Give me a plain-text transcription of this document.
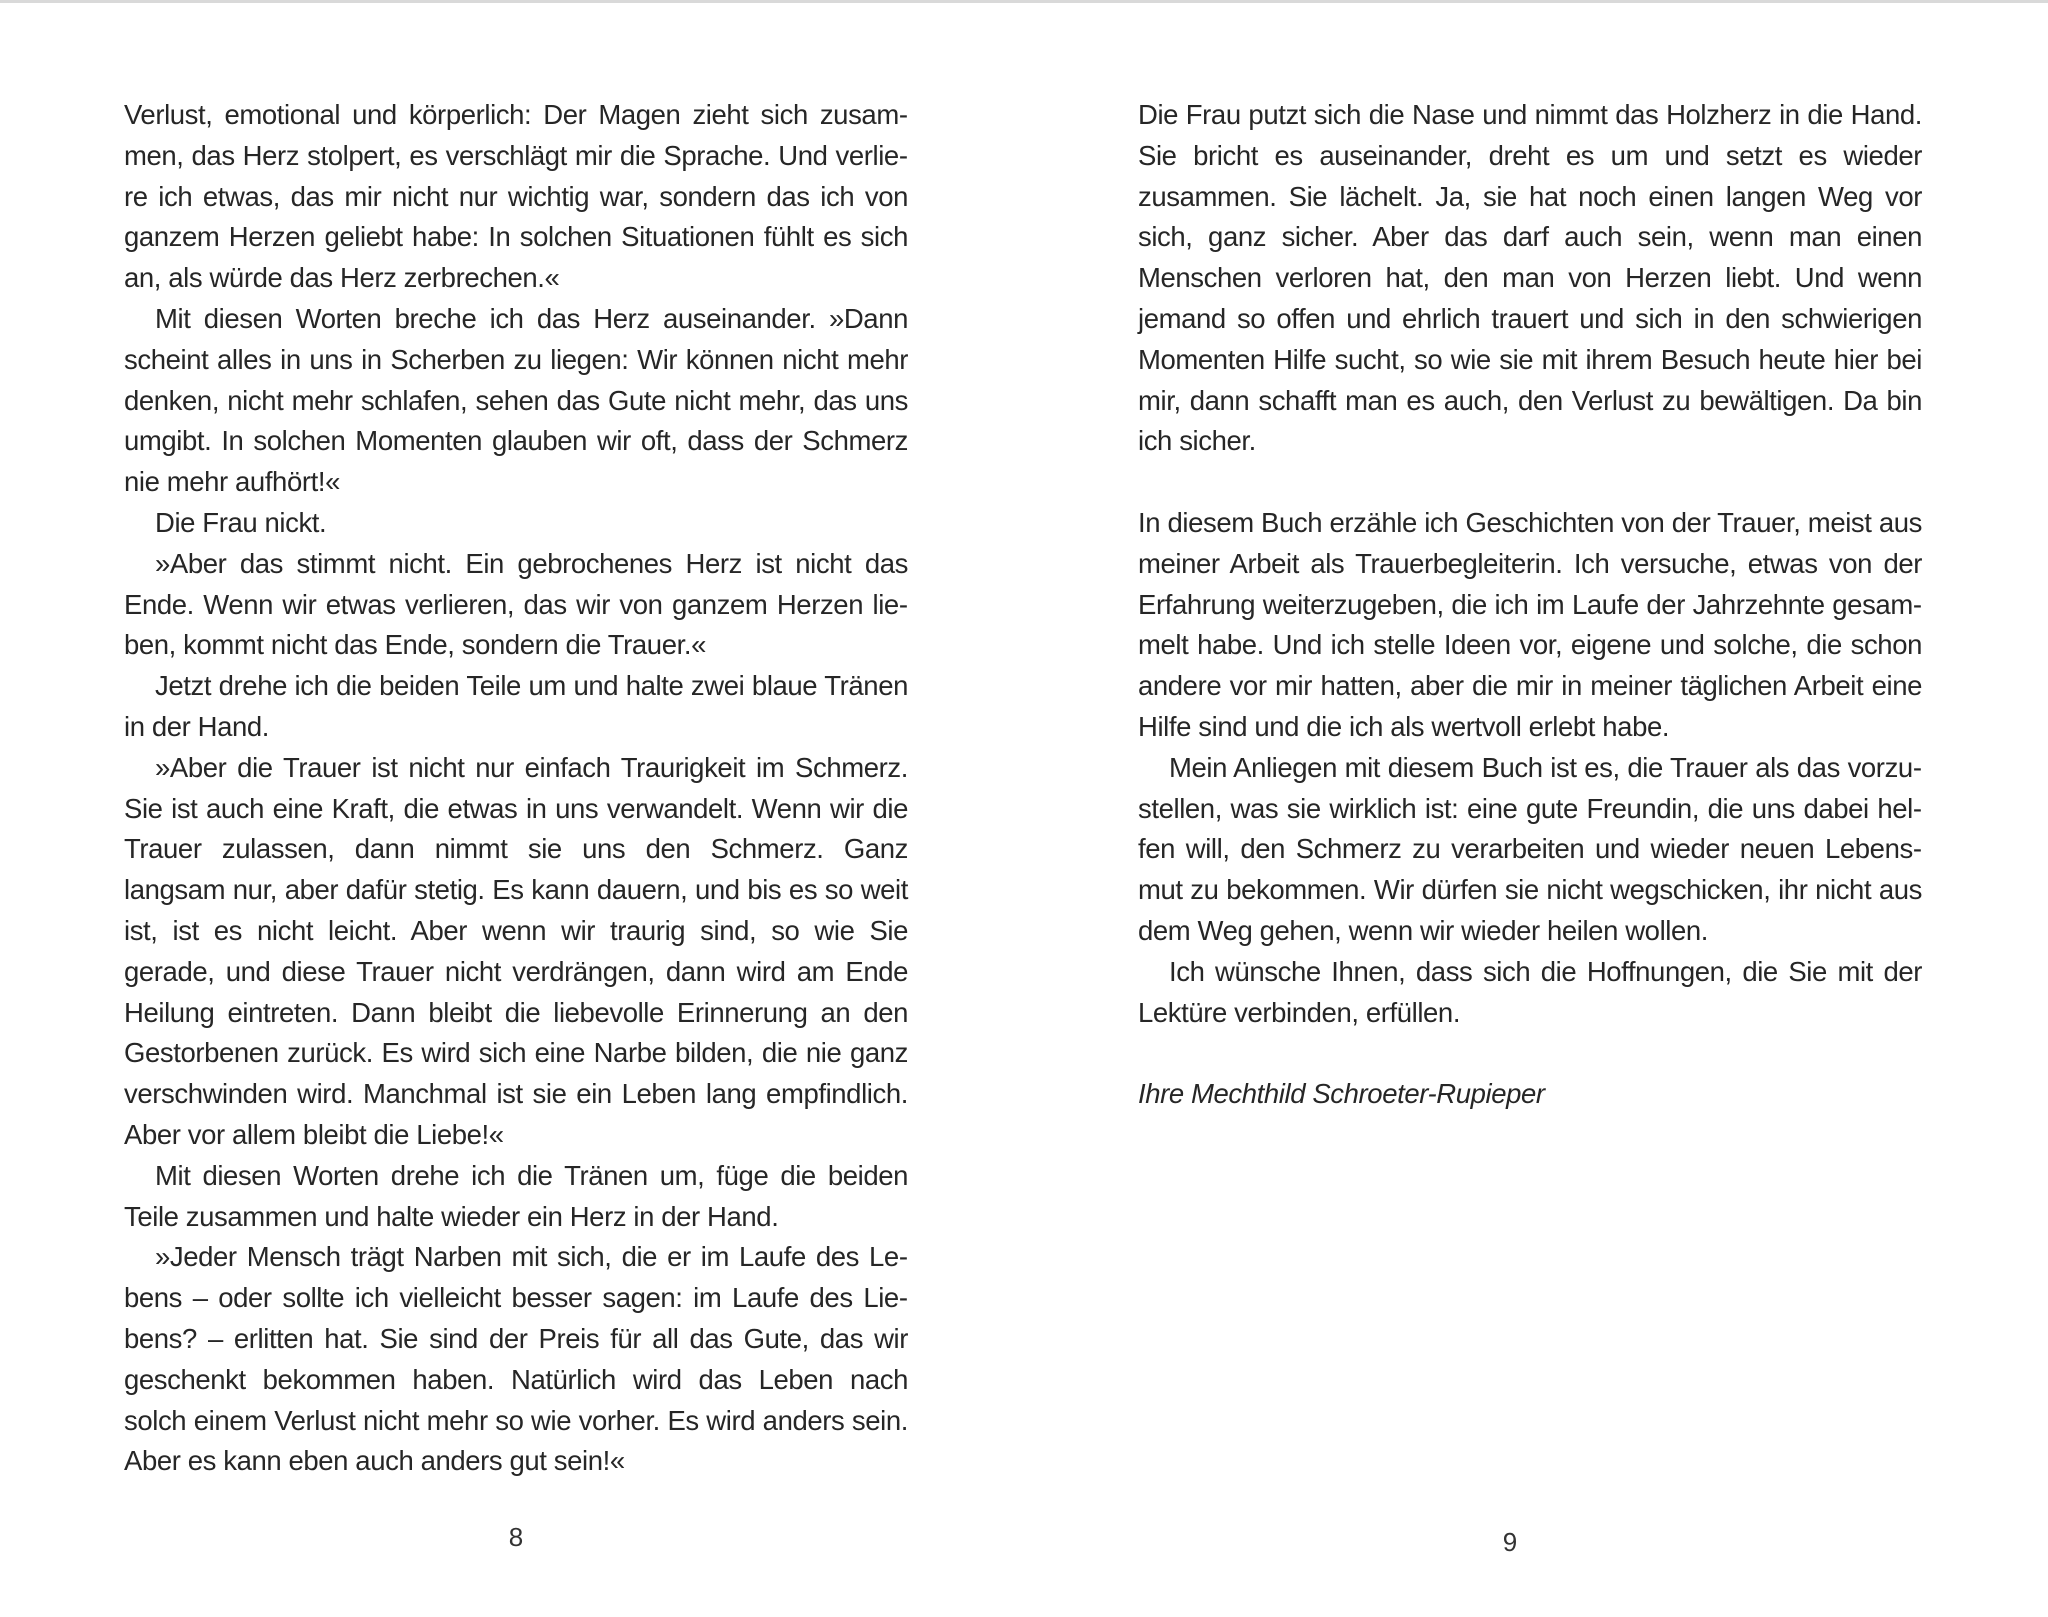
Verlust, emotional und körperlich: Der Magen zieht sich zusammen, das Herz stolpert, es verschlägt mir die Sprache. Und verliere ich etwas, das mir nicht nur wichtig war, sondern das ich von ganzem Herzen geliebt habe: In solchen Situationen fühlt es sich an, als würde das Herz zerbrechen.«

Mit diesen Worten breche ich das Herz auseinander. »Dann scheint alles in uns in Scherben zu liegen: Wir können nicht mehr denken, nicht mehr schlafen, sehen das Gute nicht mehr, das uns umgibt. In solchen Momenten glauben wir oft, dass der Schmerz nie mehr aufhört!«

Die Frau nickt.

»Aber das stimmt nicht. Ein gebrochenes Herz ist nicht das Ende. Wenn wir etwas verlieren, das wir von ganzem Herzen lieben, kommt nicht das Ende, sondern die Trauer.«

Jetzt drehe ich die beiden Teile um und halte zwei blaue Tränen in der Hand.

»Aber die Trauer ist nicht nur einfach Traurigkeit im Schmerz. Sie ist auch eine Kraft, die etwas in uns verwandelt. Wenn wir die Trauer zulassen, dann nimmt sie uns den Schmerz. Ganz langsam nur, aber dafür stetig. Es kann dauern, und bis es so weit ist, ist es nicht leicht. Aber wenn wir traurig sind, so wie Sie gerade, und diese Trauer nicht verdrängen, dann wird am Ende Heilung eintreten. Dann bleibt die liebevolle Erinnerung an den Gestorbenen zurück. Es wird sich eine Narbe bilden, die nie ganz verschwinden wird. Manchmal ist sie ein Leben lang empfindlich. Aber vor allem bleibt die Liebe!«

Mit diesen Worten drehe ich die Tränen um, füge die beiden Teile zusammen und halte wieder ein Herz in der Hand.

»Jeder Mensch trägt Narben mit sich, die er im Laufe des Lebens – oder sollte ich vielleicht besser sagen: im Laufe des Liebens? – erlitten hat. Sie sind der Preis für all das Gute, das wir geschenkt bekommen haben. Natürlich wird das Leben nach solch einem Verlust nicht mehr so wie vorher. Es wird anders sein. Aber es kann eben auch anders gut sein!«

8

Die Frau putzt sich die Nase und nimmt das Holzherz in die Hand. Sie bricht es auseinander, dreht es um und setzt es wieder zusammen. Sie lächelt. Ja, sie hat noch einen langen Weg vor sich, ganz sicher. Aber das darf auch sein, wenn man einen Menschen verloren hat, den man von Herzen liebt. Und wenn jemand so offen und ehrlich trauert und sich in den schwierigen Momenten Hilfe sucht, so wie sie mit ihrem Besuch heute hier bei mir, dann schafft man es auch, den Verlust zu bewältigen. Da bin ich sicher.

In diesem Buch erzähle ich Geschichten von der Trauer, meist aus meiner Arbeit als Trauerbegleiterin. Ich versuche, etwas von der Erfahrung weiterzugeben, die ich im Laufe der Jahrzehnte gesammelt habe. Und ich stelle Ideen vor, eigene und solche, die schon andere vor mir hatten, aber die mir in meiner täglichen Arbeit eine Hilfe sind und die ich als wertvoll erlebt habe.

Mein Anliegen mit diesem Buch ist es, die Trauer als das vorzustellen, was sie wirklich ist: eine gute Freundin, die uns dabei helfen will, den Schmerz zu verarbeiten und wieder neuen Lebensmut zu bekommen. Wir dürfen sie nicht wegschicken, ihr nicht aus dem Weg gehen, wenn wir wieder heilen wollen.

Ich wünsche Ihnen, dass sich die Hoffnungen, die Sie mit der Lektüre verbinden, erfüllen.

Ihre Mechthild Schroeter-Rupieper

9
